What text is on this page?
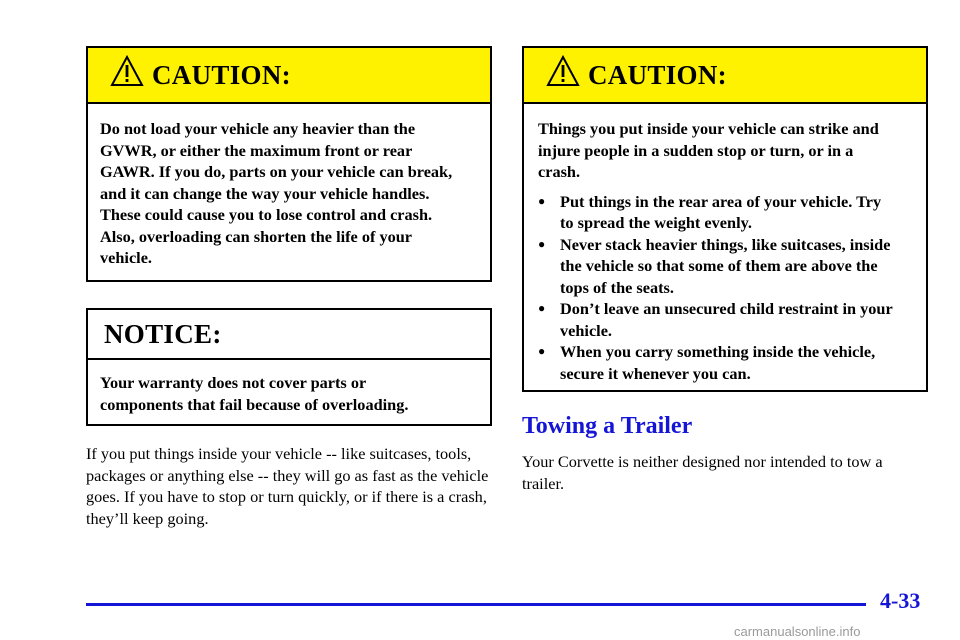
CAUTION:

Do not load your vehicle any heavier than the GVWR, or either the maximum front or rear GAWR. If you do, parts on your vehicle can break, and it can change the way your vehicle handles. These could cause you to lose control and crash. Also, overloading can shorten the life of your vehicle.

NOTICE:

Your warranty does not cover parts or components that fail because of overloading.

If you put things inside your vehicle -- like suitcases, tools, packages or anything else -- they will go as fast as the vehicle goes. If you have to stop or turn quickly, or if there is a crash, they’ll keep going.
CAUTION:

Things you put inside your vehicle can strike and injure people in a sudden stop or turn, or in a crash.

● Put things in the rear area of your vehicle. Try to spread the weight evenly.
● Never stack heavier things, like suitcases, inside the vehicle so that some of them are above the tops of the seats.
● Don’t leave an unsecured child restraint in your vehicle.
● When you carry something inside the vehicle, secure it whenever you can.
Towing a Trailer
Your Corvette is neither designed nor intended to tow a trailer.
4-33
carmanualsonline.info
